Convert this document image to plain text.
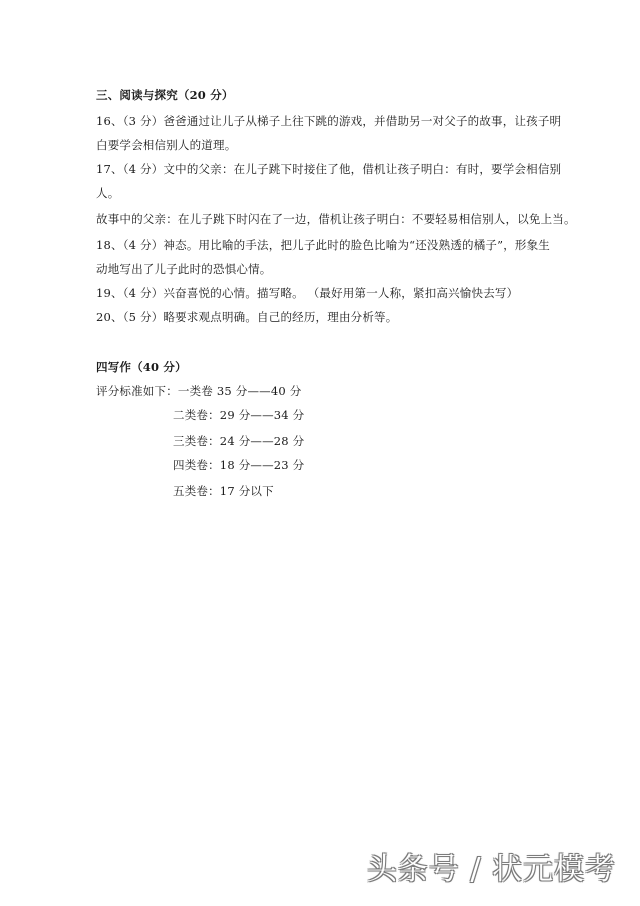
三、阅读与探究（20 分）
16、（3 分）爸爸通过让儿子从梯子上往下跳的游戏，并借助另一对父子的故事，让孩子明
白要学会相信别人的道理。
17、（4 分）文中的父亲：在儿子跳下时接住了他，借机让孩子明白：有时，要学会相信别
人。
故事中的父亲：在儿子跳下时闪在了一边，借机让孩子明白：不要轻易相信别人，以免上当。
18、（4 分）神态。用比喻的手法，把儿子此时的脸色比喻为“还没熟透的橘子”，形象生
动地写出了儿子此时的恐惧心情。
19、（4 分）兴奋喜悦的心情。描写略。 （最好用第一人称，紧扣高兴愉快去写）
20、（5 分）略要求观点明确。自己的经历，理由分析等。
四写作（40 分）
评分标准如下：一类卷 35 分——40 分
二类卷：29 分——34 分
三类卷：24 分——28 分
四类卷：18 分——23 分
五类卷：17 分以下
头条号 / 状元模考
